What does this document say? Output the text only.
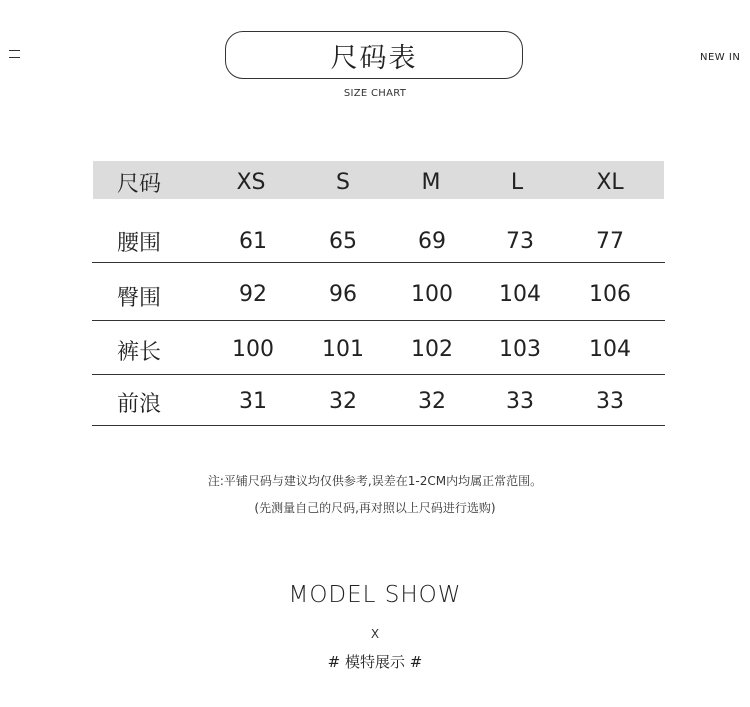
NEW IN
尺码表
SIZE CHART
尺码	XS	S	M	L	XL
腰围	61	65	69	73	77
臀围	92	96 100 104 106
裤长	100 101 102 103 104
前浪	31	32	32	33	33
注:平铺尺码与建议均仅供参考,误差在1-2CM内均属正常范围。
(先测量自己的尺码,再对照以上尺码进行选购)
MODEL SHOW
X
# 模特展示 #
